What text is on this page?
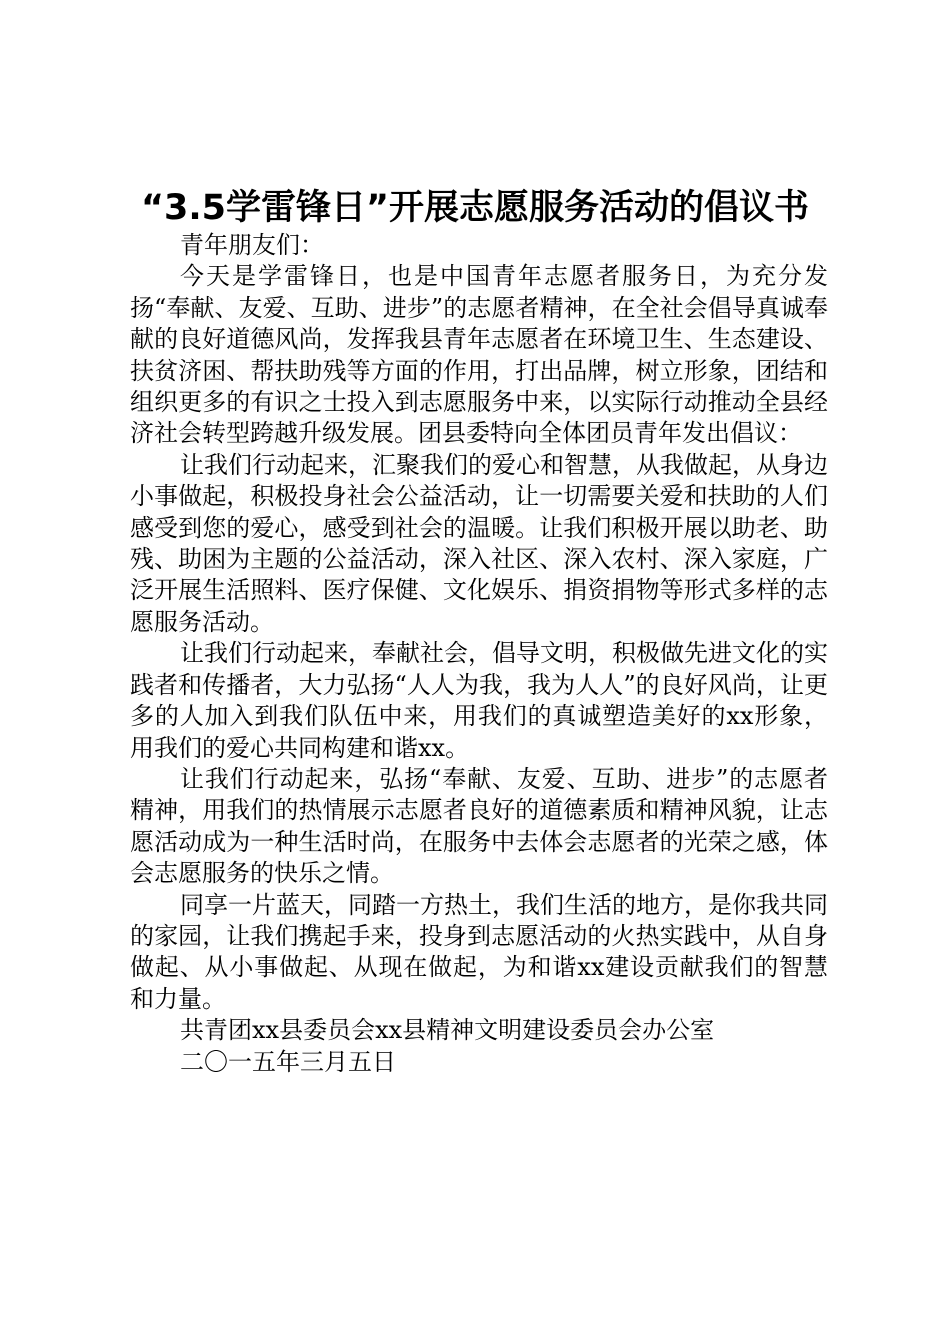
“3.5学雷锋日”开展志愿服务活动的倡议书

青年朋友们：

今天是学雷锋日，也是中国青年志愿者服务日，为充分发扬“奉献、友爱、互助、进步”的志愿者精神，在全社会倡导真诚奉献的良好道德风尚，发挥我县青年志愿者在环境卫生、生态建设、扶贫济困、帮扶助残等方面的作用，打出品牌，树立形象，团结和组织更多的有识之士投入到志愿服务中来，以实际行动推动全县经济社会转型跨越升级发展。团县委特向全体团员青年发出倡议：

让我们行动起来，汇聚我们的爱心和智慧，从我做起，从身边小事做起，积极投身社会公益活动，让一切需要关爱和扶助的人们感受到您的爱心，感受到社会的温暖。让我们积极开展以助老、助残、助困为主题的公益活动，深入社区、深入农村、深入家庭，广泛开展生活照料、医疗保健、文化娱乐、捐资捐物等形式多样的志愿服务活动。

让我们行动起来，奉献社会，倡导文明，积极做先进文化的实践者和传播者，大力弘扬“人人为我，我为人人”的良好风尚，让更多的人加入到我们队伍中来，用我们的真诚塑造美好的xx形象，用我们的爱心共同构建和谐xx。

让我们行动起来，弘扬“奉献、友爱、互助、进步”的志愿者精神，用我们的热情展示志愿者良好的道德素质和精神风貌，让志愿活动成为一种生活时尚，在服务中去体会志愿者的光荣之感，体会志愿服务的快乐之情。

同享一片蓝天，同踏一方热土，我们生活的地方，是你我共同的家园，让我们携起手来，投身到志愿活动的火热实践中，从自身做起、从小事做起、从现在做起，为和谐xx建设贡献我们的智慧和力量。

共青团xx县委员会xx县精神文明建设委员会办公室

二〇一五年三月五日
